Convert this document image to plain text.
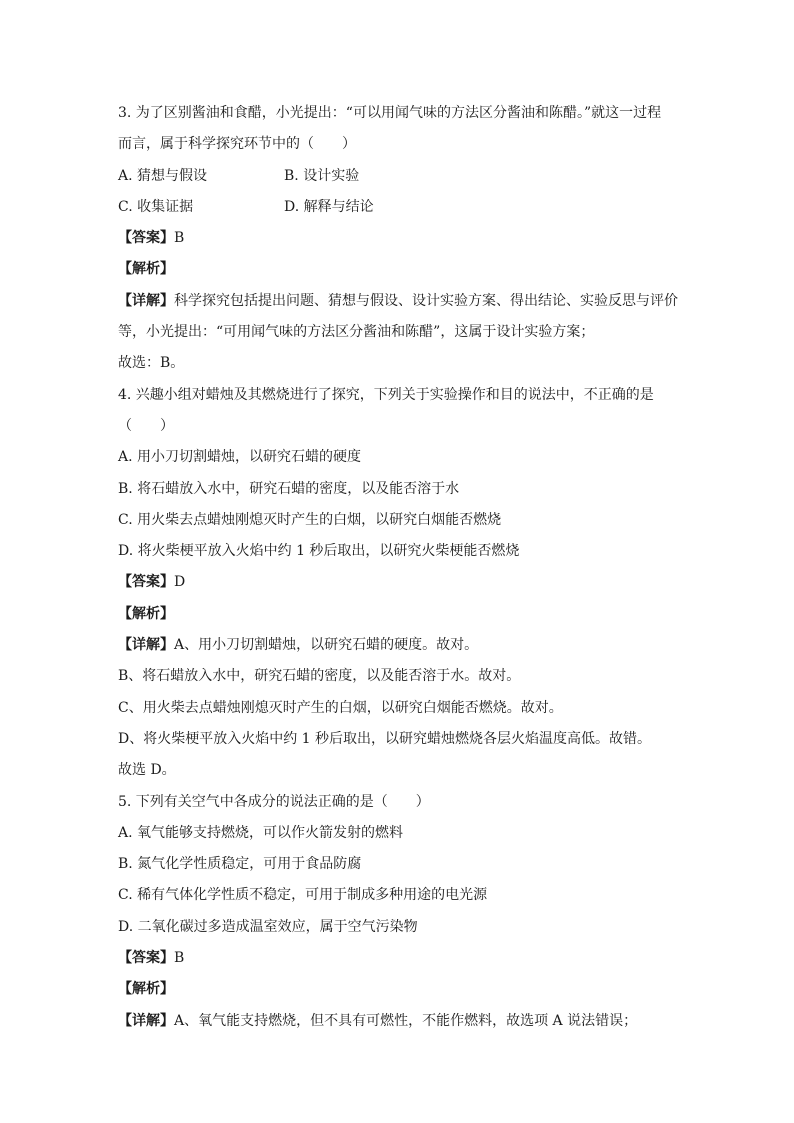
3. 为了区别酱油和食醋，小光提出：“可以用闻气味的方法区分酱油和陈醋。”就这一过程
而言，属于科学探究环节中的（　　）
A. 猜想与假设	B. 设计实验
C. 收集证据	D. 解释与结论
【答案】B
【解析】
【详解】科学探究包括提出问题、猜想与假设、设计实验方案、得出结论、实验反思与评价
等，小光提出：“可用闻气味的方法区分酱油和陈醋”，这属于设计实验方案；
故选：B。
4. 兴趣小组对蜡烛及其燃烧进行了探究，下列关于实验操作和目的说法中，不正确的是
（　　）
A. 用小刀切割蜡烛，以研究石蜡的硬度
B. 将石蜡放入水中，研究石蜡的密度，以及能否溶于水
C. 用火柴去点蜡烛刚熄灭时产生的白烟，以研究白烟能否燃烧
D. 将火柴梗平放入火焰中约 1 秒后取出，以研究火柴梗能否燃烧
【答案】D
【解析】
【详解】A、用小刀切割蜡烛，以研究石蜡的硬度。故对。
B、将石蜡放入水中，研究石蜡的密度，以及能否溶于水。故对。
C、用火柴去点蜡烛刚熄灭时产生的白烟，以研究白烟能否燃烧。故对。
D、将火柴梗平放入火焰中约 1 秒后取出，以研究蜡烛燃烧各层火焰温度高低。故错。
故选 D。
5. 下列有关空气中各成分的说法正确的是（　　）
A. 氧气能够支持燃烧，可以作火箭发射的燃料
B. 氮气化学性质稳定，可用于食品防腐
C. 稀有气体化学性质不稳定，可用于制成多种用途的电光源
D. 二氧化碳过多造成温室效应，属于空气污染物
【答案】B
【解析】
【详解】A、氧气能支持燃烧，但不具有可燃性，不能作燃料，故选项 A 说法错误；
